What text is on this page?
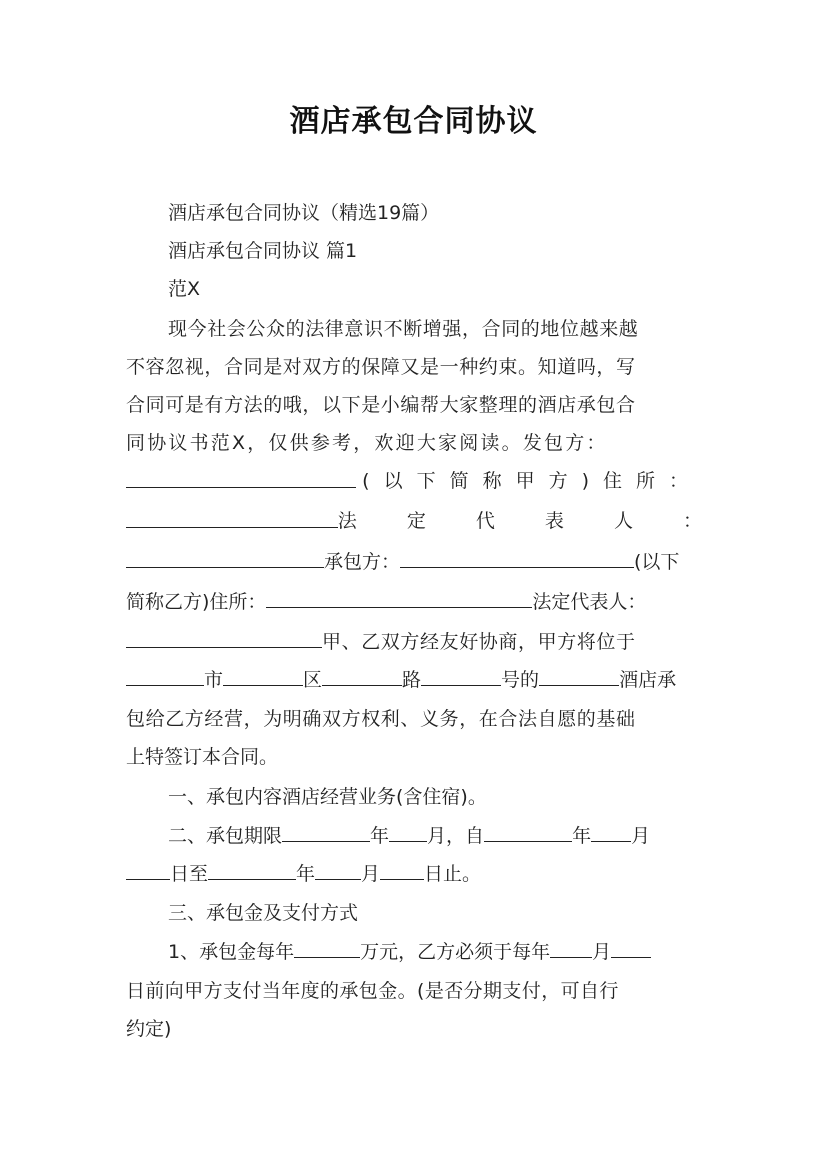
酒店承包合同协议
酒店承包合同协议（精选19篇）
酒店承包合同协议 篇1
范X
现今社会公众的法律意识不断增强，合同的地位越来越
不容忽视，合同是对双方的保障又是一种约束。知道吗，写
合同可是有方法的哦，以下是小编帮大家整理的酒店承包合
同协议书范X，仅供参考，欢迎大家阅读。发包方：
(以下简称甲方)住所：
法 定 代 表 人 ：
承包方：	(以下
简称乙方)住所：	法定代表人：
甲、乙双方经友好协商，甲方将位于
市	区	路	号的	酒店承
包给乙方经营，为明确双方权利、义务，在合法自愿的基础
上特签订本合同。
一、承包内容酒店经营业务(含住宿)。
二、承包期限	年 月，自	年 月
日至	年 月 日止。
三、承包金及支付方式
1、承包金每年	万元，乙方必须于每年 月
日前向甲方支付当年度的承包金。(是否分期支付，可自行
约定)
